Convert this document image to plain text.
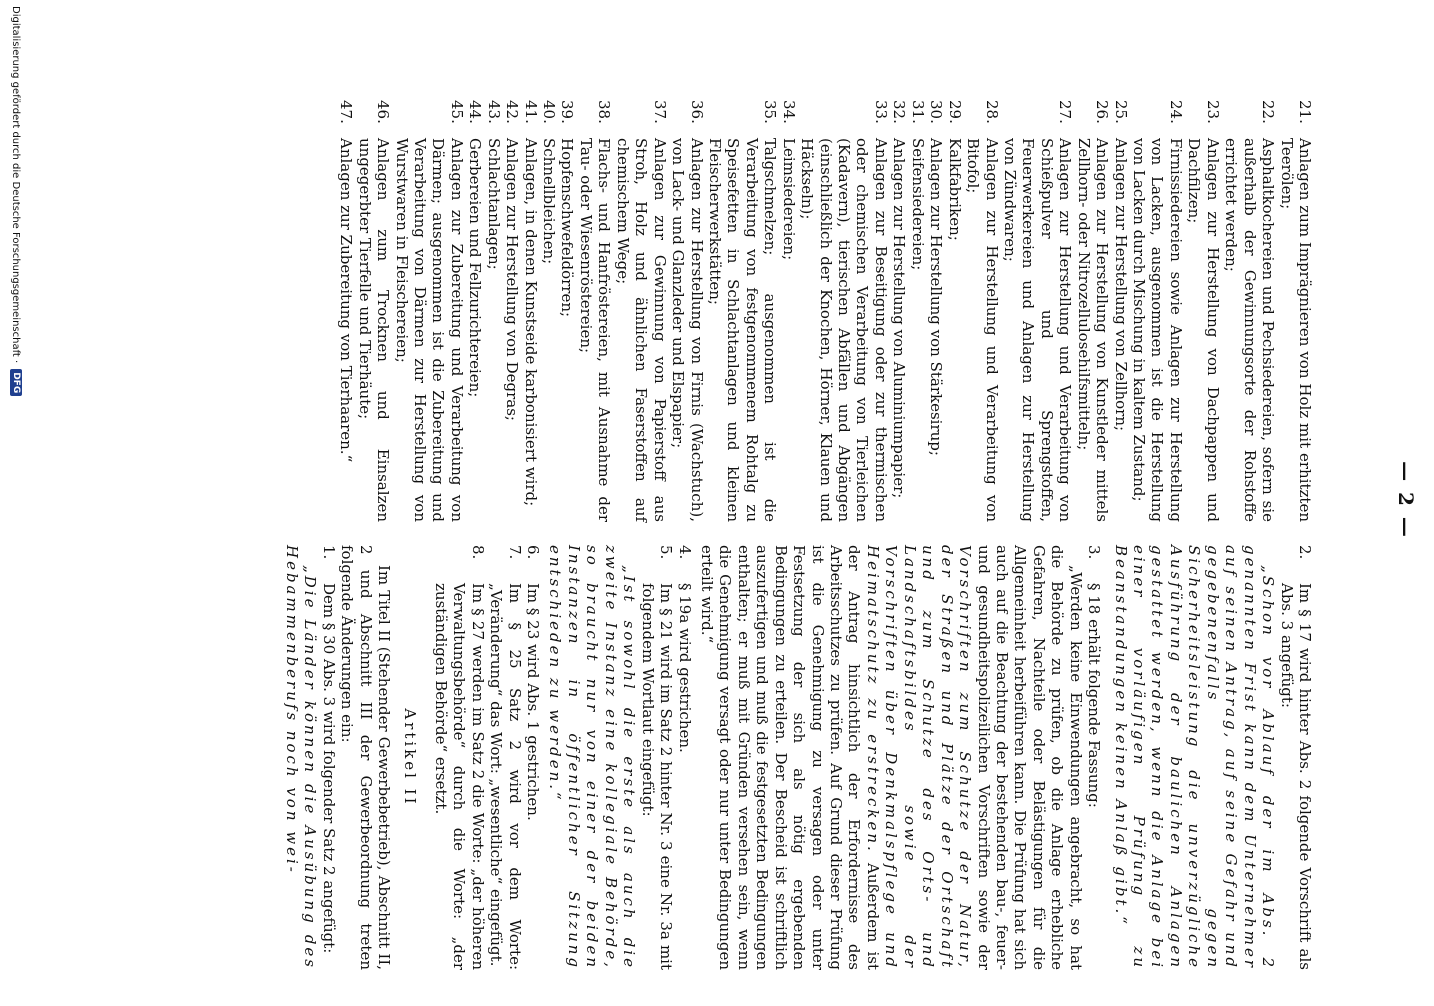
— 2 —
21.
Anlagen zum Imprägnieren von Holz mit erhitzten Teerölen;
22.
Asphaltkochereien und Pechsiedereien, sofern sie außerhalb der Gewinnungsorte der Rohstoffe errichtet werden;
23.
Anlagen zur Herstellung von Dachpappen und Dachfilzen;
24.
Firnissiedereien sowie Anlagen zur Herstellung von Lacken, ausgenommen ist die Herstellung von Lacken durch Mischung in kaltem Zustand;
25.
Anlagen zur Herstellung von Zellhorn;
26.
Anlagen zur Herstellung von Kunstleder mittels Zellhorn- oder Nitrozellulosehilfsmitteln;
27.
Anlagen zur Herstellung und Verarbeitung von Schießpulver und Sprengstoffen, Feuerwerkereien und Anlagen zur Herstellung von Zündwaren;
28.
Anlagen zur Herstellung und Verarbeitung von Bitofol;
29.
Kalkfabriken;
30.
Anlagen zur Herstellung von Stärkesirup;
31.
Seifensiedereien;
32.
Anlagen zur Herstellung von Aluminiumpapier;
33.
Anlagen zur Beseitigung oder zur thermischen oder chemischen Verarbeitung von Tierleichen (Kadavern), tierischen Abfällen und Abgängen (einschließlich der Knochen, Hörner, Klauen und Häckseln);
34.
Leimsiedereien;
35.
Talgschmelzen; ausgenommen ist die Verarbeitung von festgenommenem Rohtalg zu Speisefetten in Schlachtanlagen und kleinen Fleischerwerkstätten;
36.
Anlagen zur Herstellung von Firnis (Wachstuch), von Lack- und Glanzleder und Elspapier;
37.
Anlagen zur Gewinnung von Papierstoff aus Stroh, Holz und ähnlichen Faserstoffen auf chemischem Wege;
38.
Flachs- und Hanfröstereien, mit Ausnahme der Tau- oder Wiesenröstereien;
39.
Hopfenschwefeldörren;
40.
Schnellbleichen;
41.
Anlagen, in denen Kunstseide karbonisiert wird;
42.
Anlagen zur Herstellung von Degras;
43.
Schlachtanlagen;
44.
Gerbereien und Fellzurichtereien;
45.
Anlagen zur Zubereitung und Verarbeitung von Därmen; ausgenommen ist die Zubereitung und Verarbeitung von Därmen zur Herstellung von Wurstwaren in Fleischereien;
46.
Anlagen zum Trocknen und Einsalzen ungegerbter Tierfelle und Tierhäute;
47.
Anlagen zur Zubereitung von Tierhaaren.“
2.
Im § 17 wird hinter Abs. 2 folgende Vorschrift als Abs. 3 angefügt:

„Schon vor Ablauf der im Abs. 2 genannten Frist kann dem Unternehmer auf seinen Antrag, auf seine Gefahr und gegebenenfalls gegen Sicherheitsleistung die unverzügliche Ausführung der baulichen Anlagen gestattet werden, wenn die Anlage bei einer vorläufigen Prüfung zu Beanstandungen keinen Anlaß gibt.“

3.
§ 18 erhält folgende Fassung:

„Werden keine Einwendungen angebracht, so hat die Behörde zu prüfen, ob die Anlage erhebliche Gefahren, Nachteile oder Belästigungen für die Allgemeinheit herbeiführen kann. Die Prüfung hat sich auch auf die Beachtung der bestehenden bau-, feuer- und gesundheitspolizeilichen Vorschriften sowie der Vorschriften zum Schutze der Natur, der Straßen und Plätze der Ortschaft und zum Schutze des Orts- und Landschaftsbildes sowie der Vorschriften über Denkmalspflege und Heimatschutz zu erstrecken. Außerdem ist der Antrag hinsichtlich der Erfordernisse des Arbeitsschutzes zu prüfen. Auf Grund dieser Prüfung ist die Genehmigung zu versagen oder unter Festsetzung der sich als nötig ergebenden Bedingungen zu erteilen. Der Bescheid ist schriftlich auszufertigen und muß die festgesetzten Bedingungen enthalten; er muß mit Gründen versehen sein, wenn die Genehmigung versagt oder nur unter Bedingungen erteilt wird.“

4.
§ 19a wird gestrichen.
5.
Im § 21 wird im Satz 2 hinter Nr. 3 eine Nr. 3a mit folgendem Wortlaut eingefügt:

„Ist sowohl die erste als auch die zweite Instanz eine kollegiale Behörde, so braucht nur von einer der beiden Instanzen in öffentlicher Sitzung entschieden zu werden.“

6.
Im § 23 wird Abs. 1 gestrichen.
7.
Im § 25 Satz 2 wird vor dem Worte: „Veränderung“ das Wort: „wesentliche“ eingefügt.
8.
Im § 27 werden im Satz 2 die Worte: „der höheren Verwaltungsbehörde“ durch die Worte: „der zuständigen Behörde“ ersetzt.
Artikel II

Im Titel II (Stehender Gewerbebetrieb), Abschnitt II, 2 und Abschnitt III der Gewerbeordnung treten folgende Änderungen ein:

1.
Dem § 30 Abs. 3 wird folgender Satz 2 angefügt:

„Die Länder können die Ausübung des Hebammenberufs noch von wei-

Digitalisierung gefördert durch die Deutsche Forschungsgemeinschaft ·
DFG
